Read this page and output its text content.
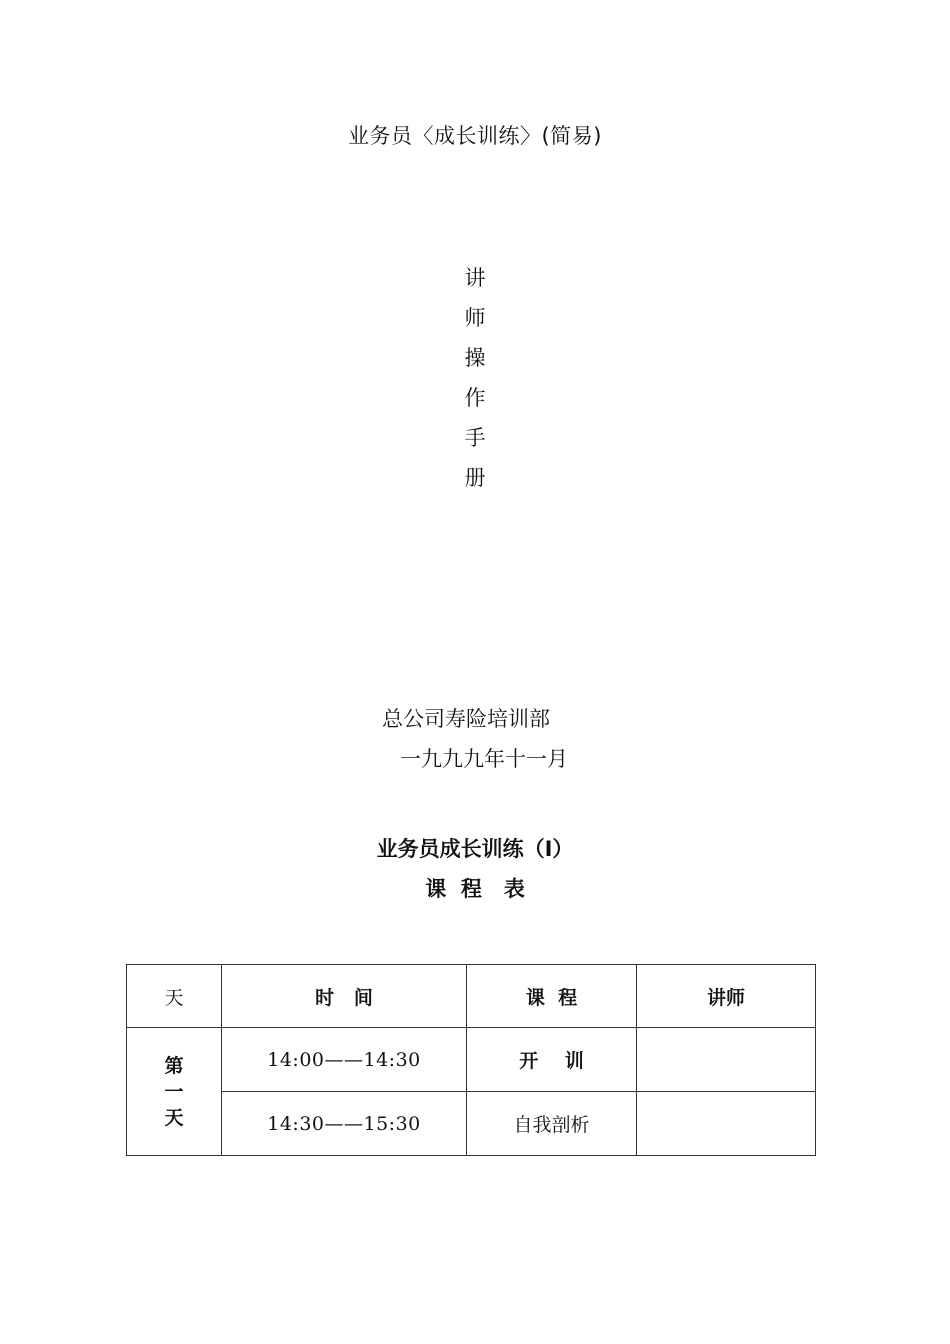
业务员〈成长训练〉(简易)
讲
师
操
作
手
册
总公司寿险培训部
一九九九年十一月
业务员成长训练（I）
课  程   表
天	时   间	课  程	讲师

第
一
天	14:00——14:30	开    训	
	14:30——15:30	自我剖析	
